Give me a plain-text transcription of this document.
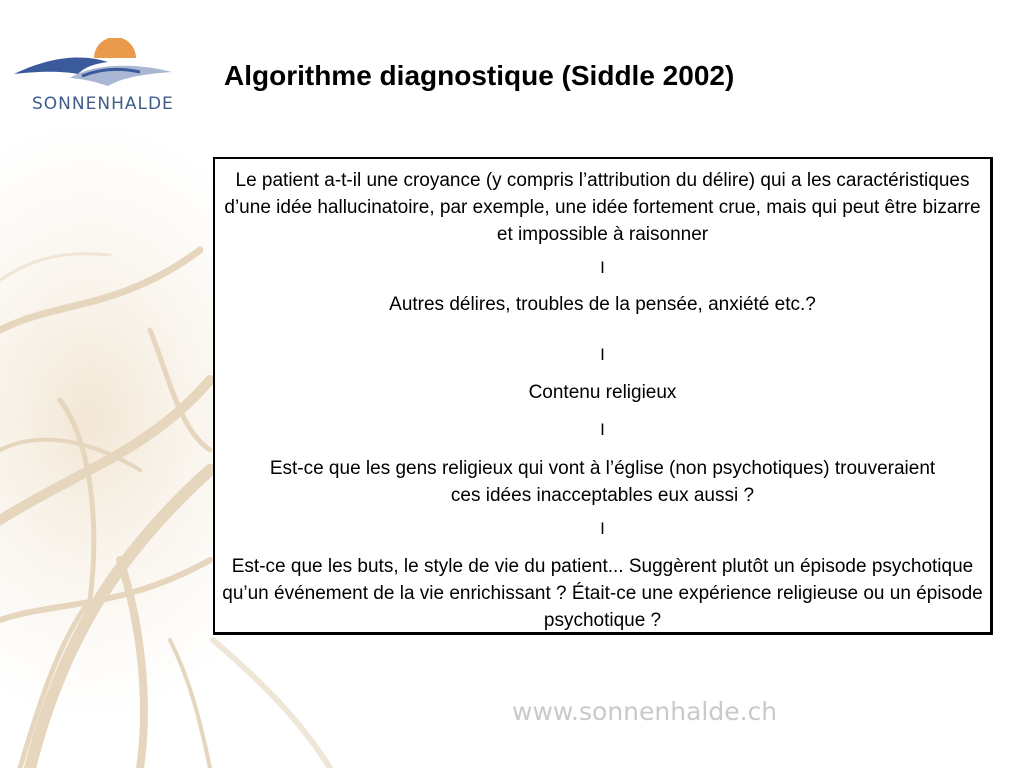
SONNENHALDE
Algorithme diagnostique (Siddle 2002)
Le patient a-t-il une croyance (y compris l’attribution du délire) qui a les caractéristiques d’une idée hallucinatoire, par exemple, une idée fortement crue, mais qui peut être bizarre et impossible à raisonner
I
Autres délires, troubles de la pensée, anxiété etc.?
I
Contenu religieux
I
Est-ce que les gens religieux qui vont à l’église (non psychotiques) trouveraient ces idées inacceptables eux aussi ?
I
Est-ce que les buts, le style de vie du patient... Suggèrent plutôt un épisode psychotique qu’un événement de la vie enrichissant ? Était-ce une expérience religieuse ou un épisode psychotique ?
www.sonnenhalde.ch
